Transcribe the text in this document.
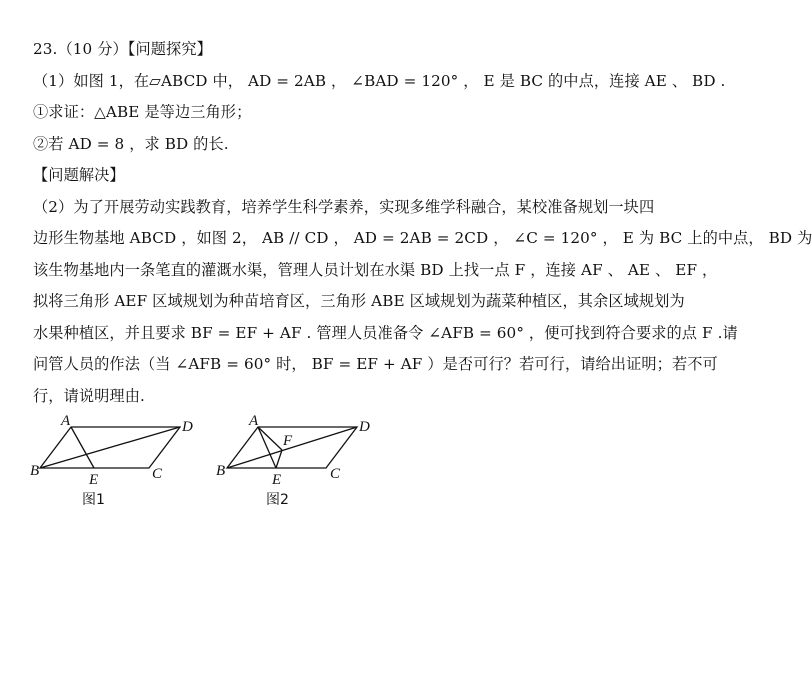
23.（10 分）【问题探究】
（1）如图 1，在▱ABCD 中， AD = 2AB ， ∠BAD = 120° ， E 是 BC 的中点，连接 AE 、 BD .
①求证：△ABE 是等边三角形；
②若 AD = 8 ，求 BD 的长.
【问题解决】
（2）为了开展劳动实践教育，培养学生科学素养，实现多维学科融合，某校准备规划一块四
边形生物基地 ABCD ，如图 2， AB // CD ， AD = 2AB = 2CD ， ∠C = 120° ， E 为 BC 上的中点， BD 为
该生物基地内一条笔直的灌溉水渠，管理人员计划在水渠 BD 上找一点 F ，连接 AF 、 AE 、 EF ，
拟将三角形 AEF 区域规划为种苗培育区，三角形 ABE 区域规划为蔬菜种植区，其余区域规划为
水果种植区，并且要求 BF = EF + AF . 管理人员准备令 ∠AFB = 60° ，便可找到符合要求的点 F .请
问管人员的作法（当 ∠AFB = 60° 时， BF = EF + AF ）是否可行？若可行，请给出证明；若不可
行，请说明理由.
A
B	C
D
E
图1
A
B	C
D
E
F
图2
